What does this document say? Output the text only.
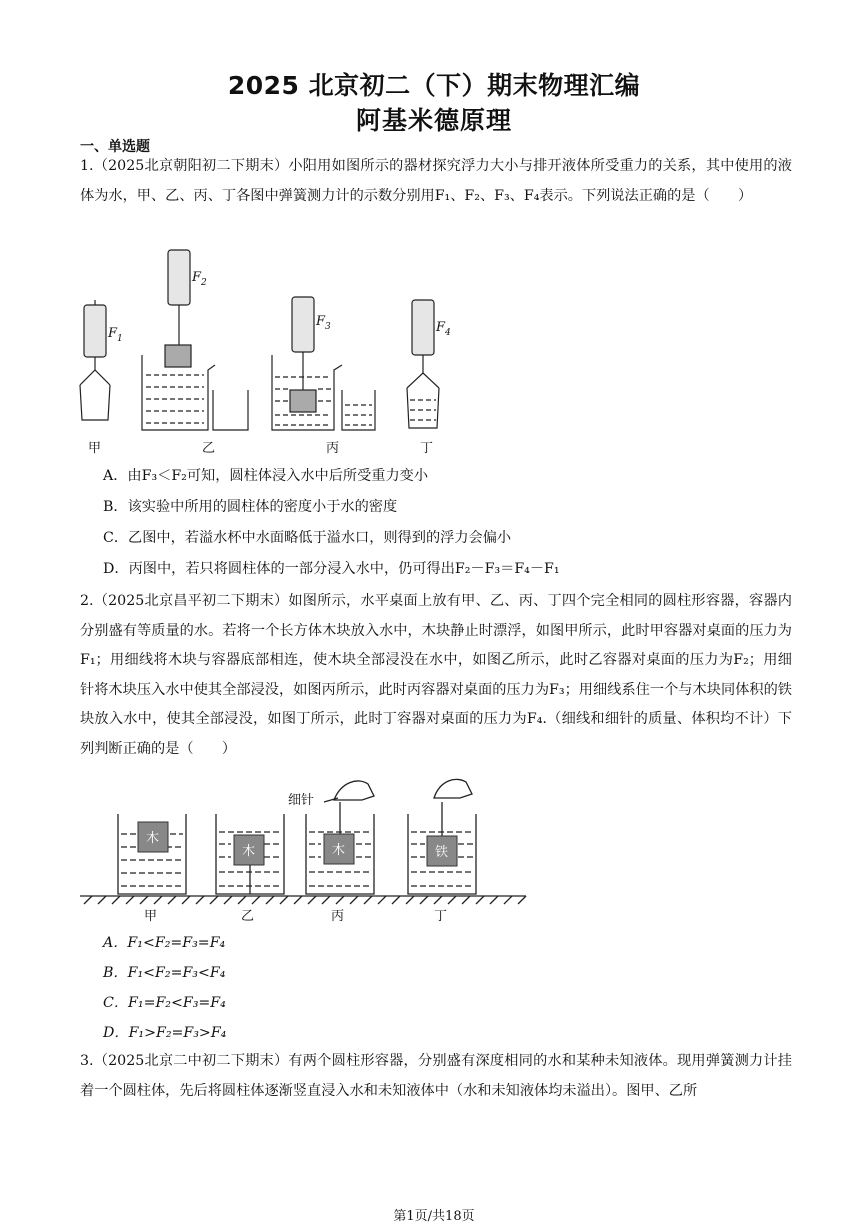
2025 北京初二（下）期末物理汇编
阿基米德原理
一、单选题
1.（2025北京朝阳初二下期末）小阳用如图所示的器材探究浮力大小与排开液体所受重力的关系，其中使用的液体为水，甲、乙、丙、丁各图中弹簧测力计的示数分别用F₁、F₂、F₃、F₄表示。下列说法正确的是（　　）
$F_1$
$F_2$
$F_3$	$F_4$
甲	乙	丙	丁
A．由F₃＜F₂可知，圆柱体浸入水中后所受重力变小
B．该实验中所用的圆柱体的密度小于水的密度
C．乙图中，若溢水杯中水面略低于溢水口，则得到的浮力会偏小
D．丙图中，若只将圆柱体的一部分浸入水中，仍可得出F₂－F₃＝F₄－F₁
2.（2025北京昌平初二下期末）如图所示，水平桌面上放有甲、乙、丙、丁四个完全相同的圆柱形容器，容器内分别盛有等质量的水。若将一个长方体木块放入水中，木块静止时漂浮，如图甲所示，此时甲容器对桌面的压力为F₁；用细线将木块与容器底部相连，使木块全部浸没在水中，如图乙所示，此时乙容器对桌面的压力为F₂；用细针将木块压入水中使其全部浸没，如图丙所示，此时丙容器对桌面的压力为F₃；用细线系住一个与木块同体积的铁块放入水中，使其全部浸没，如图丁所示，此时丁容器对桌面的压力为F₄.（细线和细针的质量、体积均不计）下列判断正确的是（　　）
细针
木
木	木	铁
甲	乙	丙	丁
A．F₁<F₂=F₃=F₄
B．F₁<F₂=F₃<F₄
C．F₁=F₂<F₃=F₄
D．F₁>F₂=F₃>F₄
3.（2025北京二中初二下期末）有两个圆柱形容器，分别盛有深度相同的水和某种未知液体。现用弹簧测力计挂着一个圆柱体，先后将圆柱体逐渐竖直浸入水和未知液体中（水和未知液体均未溢出）。图甲、乙所
第1页/共18页
